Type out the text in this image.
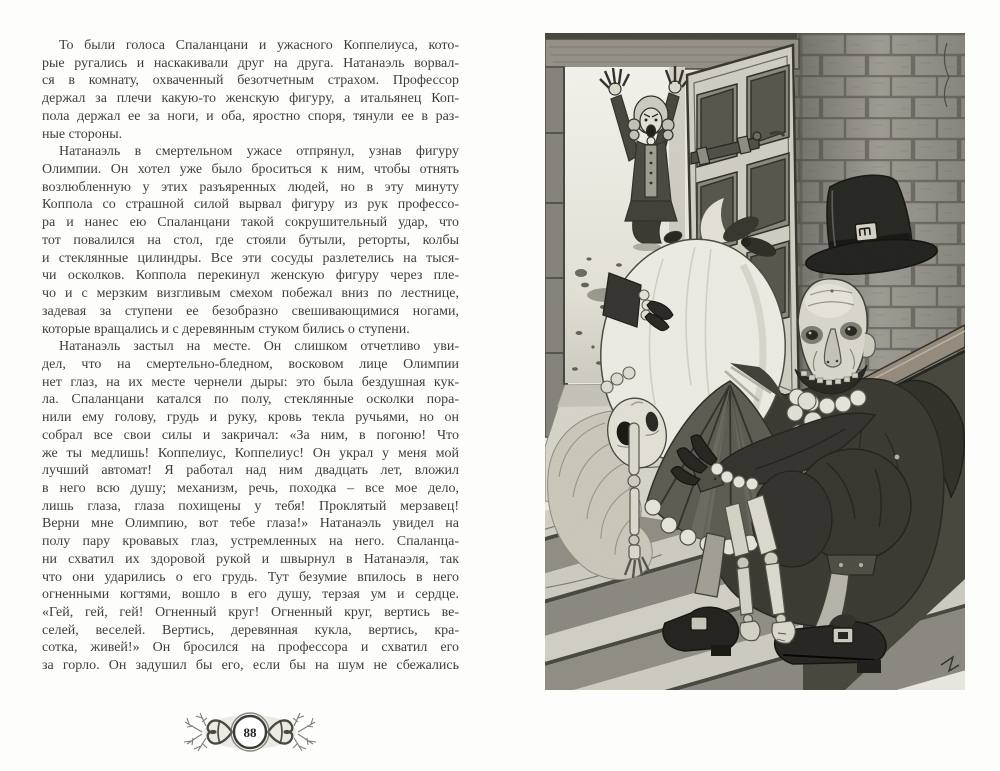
То были голоса Спаланцани и ужасного Коппелиуса, кото-
рые ругались и наскакивали друг на друга. Натанаэль ворвал-
ся в комнату, охваченный безотчетным страхом. Профессор
держал за плечи какую-то женскую фигуру, а итальянец Коп-
пола держал ее за ноги, и оба, яростно споря, тянули ее в раз-
ные стороны.
Натанаэль в смертельном ужасе отпрянул, узнав фигуру
Олимпии. Он хотел уже было броситься к ним, чтобы отнять
возлюбленную у этих разъяренных людей, но в эту минуту
Коппола со страшной силой вырвал фигуру из рук профессо-
ра и нанес ею Спаланцани такой сокрушительный удар, что
тот повалился на стол, где стояли бутыли, реторты, колбы
и стеклянные цилиндры. Все эти сосуды разлетелись на тыся-
чи осколков. Коппола перекинул женскую фигуру через пле-
чо и с мерзким визгливым смехом побежал вниз по лестнице,
задевая за ступени ее безобразно свешивающимися ногами,
которые вращались и с деревянным стуком бились о ступени.
Натанаэль застыл на месте. Он слишком отчетливо уви-
дел, что на смертельно-бледном, восковом лице Олимпии
нет глаз, на их месте чернели дыры: это была бездушная кук-
ла. Спаланцани катался по полу, стеклянные осколки пора-
нили ему голову, грудь и руку, кровь текла ручьями, но он
собрал все свои силы и закричал: «За ним, в погоню! Что
же ты медлишь! Коппелиус, Коппелиус! Он украл у меня мой
лучший автомат! Я работал над ним двадцать лет, вложил
в него всю душу; механизм, речь, походка – все мое дело,
лишь глаза, глаза похищены у тебя! Проклятый мерзавец!
Верни мне Олимпию, вот тебе глаза!» Натанаэль увидел на
полу пару кровавых глаз, устремленных на него. Спаланца-
ни схватил их здоровой рукой и швырнул в Натанаэля, так
что они ударились о его грудь. Тут безумие впилось в него
огненными когтями, вошло в его душу, терзая ум и сердце.
«Гей, гей, гей! Огненный круг! Огненный круг, вертись ве-
селей, веселей. Вертись, деревянная кукла, вертись, кра-
сотка, живей!» Он бросился на профессора и схватил его
за горло. Он задушил бы его, если бы на шум не сбежались
88
